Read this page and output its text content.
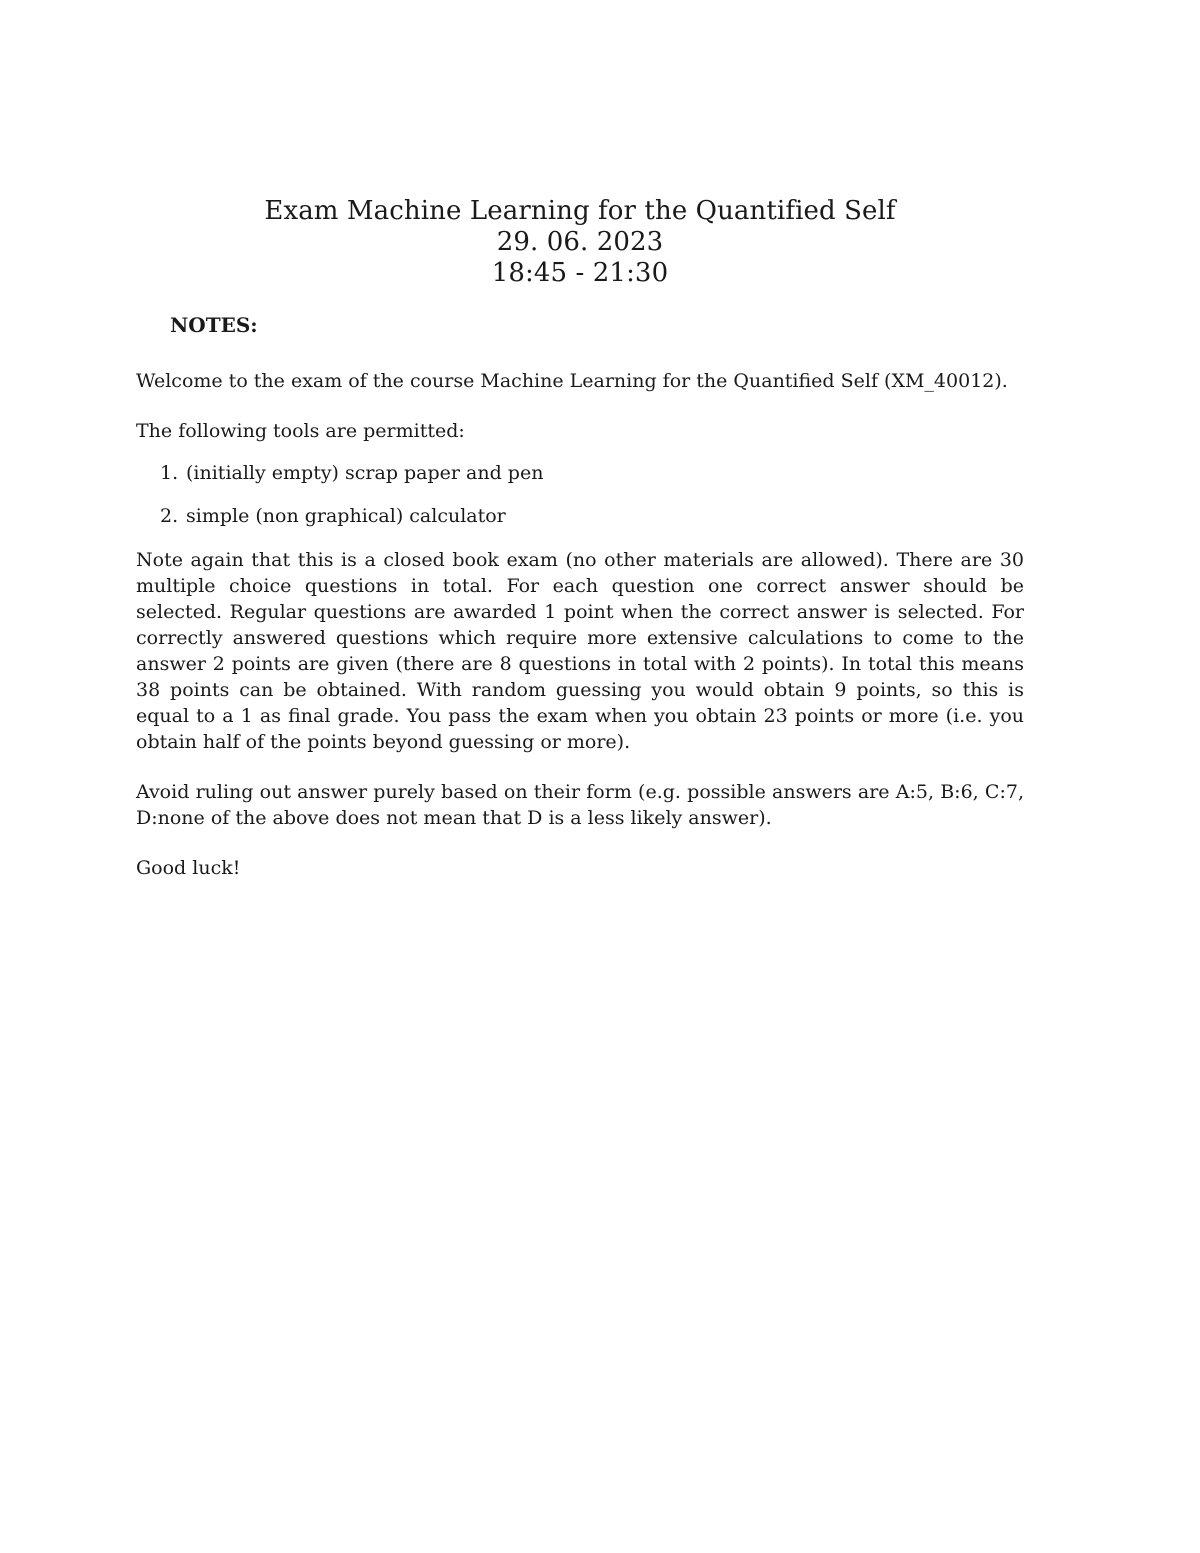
Exam Machine Learning for the Quantified Self
29. 06. 2023
18:45 - 21:30
NOTES:

Welcome to the exam of the course Machine Learning for the Quantified Self (XM_40012).

The following tools are permitted:

1. (initially empty) scrap paper and pen
2. simple (non graphical) calculator

Note again that this is a closed book exam (no other materials are allowed). There are 30 multiple choice questions in total. For each question one correct answer should be selected. Regular questions are awarded 1 point when the correct answer is selected. For correctly answered questions which require more extensive calculations to come to the answer 2 points are given (there are 8 questions in total with 2 points). In total this means 38 points can be obtained. With random guessing you would obtain 9 points, so this is equal to a 1 as final grade. You pass the exam when you obtain 23 points or more (i.e. you obtain half of the points beyond guessing or more).

Avoid ruling out answer purely based on their form (e.g. possible answers are A:5, B:6, C:7, D:none of the above does not mean that D is a less likely answer).

Good luck!
